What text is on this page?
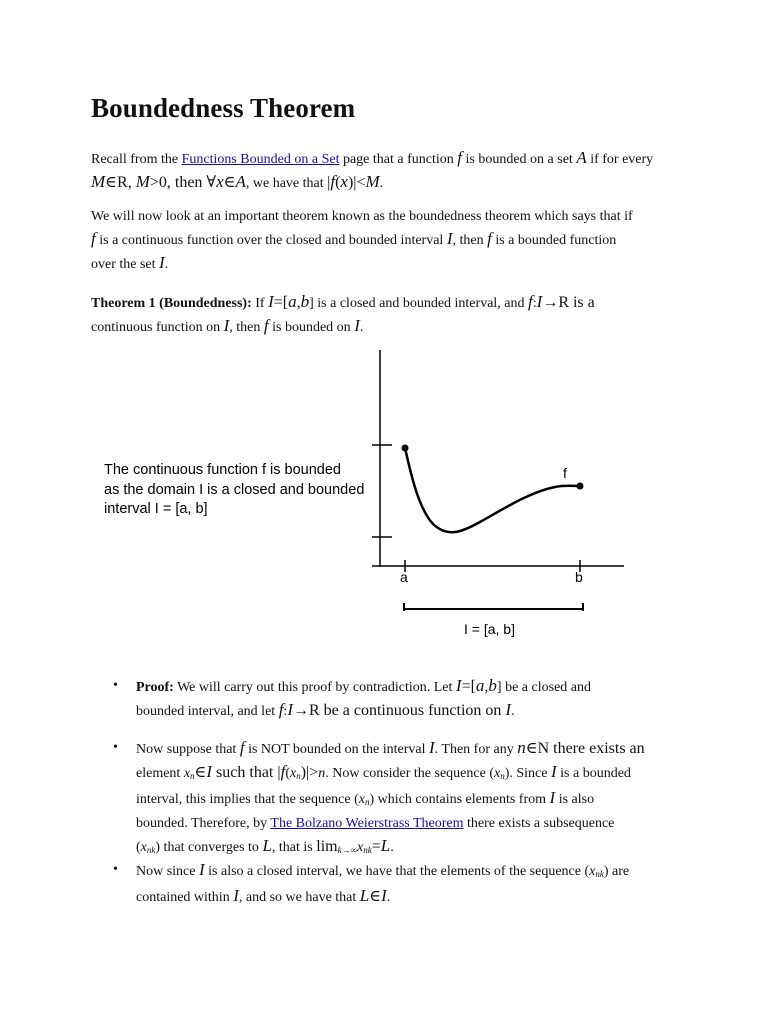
Boundedness Theorem

Recall from the Functions Bounded on a Set page that a function f is bounded on a set A if for every M∈R, M>0, then ∀x∈A, we have that |f(x)|<M.

We will now look at an important theorem known as the boundedness theorem which says that if
f is a continuous function over the closed and bounded interval I, then f is a bounded function
over the set I.
Theorem 1 (Boundedness): If I=[a,b] is a closed and bounded interval, and f:I→R is a
continuous function on I, then f is bounded on I.
The continuous function f is bounded
as the domain I is a closed and bounded
interval I = [a, b]
f
a	b
I = [a, b]
• Proof: We will carry out this proof by contradiction. Let I=[a,b] be a closed and
bounded interval, and let f:I→R be a continuous function on I.
• Now suppose that f is NOT bounded on the interval I. Then for any n∈N there exists an
element $x_n\in I$ such that $|f(x_n)|>n$. Now consider the sequence $(x_n)$. Since I is a bounded
interval, this implies that the sequence $(x_n)$ which contains elements from I is also
bounded. Therefore, by The Bolzano Weierstrass Theorem there exists a subsequence
$(x_{nk})$ that converges to L, that is $\lim_{k\to\infty}x_{nk}=L$.
• Now since I is also a closed interval, we have that the elements of the sequence $(x_{nk})$ are
contained within I, and so we have that L∈I.
